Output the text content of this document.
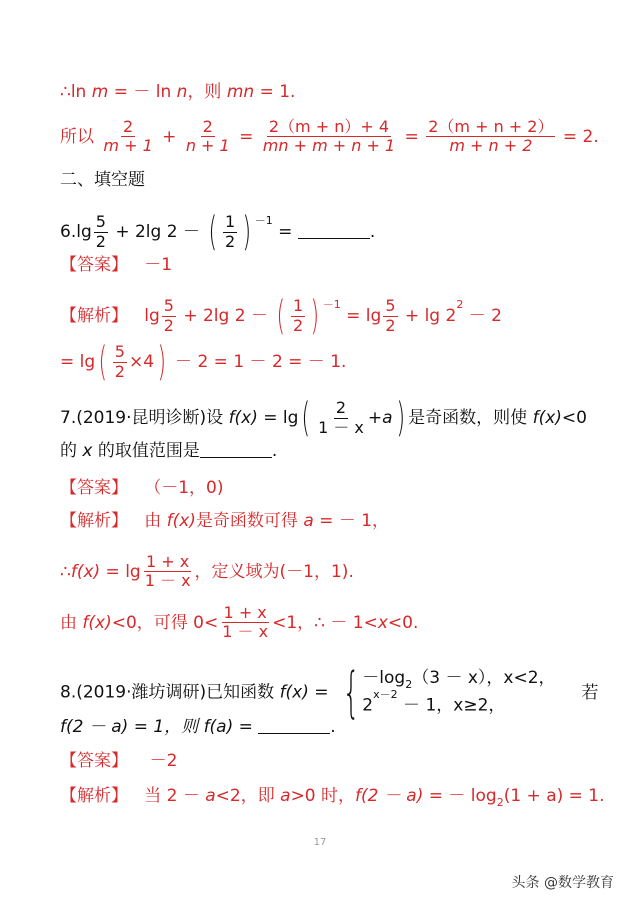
∴ln m = － ln n，则 mn = 1.
所以 $\frac{2}{m + 1} + \frac{2}{n + 1} = \frac{2(m + n)+ 4}{mn + m + n + 1} = \frac{2(m + n + 2)}{m + n + 2} = 2$.
二、填空题
$6.\lg \frac{5}{2} + 2\lg$ 2 － ( 1
2 ) $^{-1}$ =	.
【答案】 －1
【解析】 $\lg \frac{5}{2} + 2\lg$ 2 － ( 1
2 ) $^{-1} = \lg \frac{5}{2} + \lg 2^2 - 2$
= lg ( $\frac{5}{2} \times 4$ ) － 2 = 1 － 2 = － 1.
7.(2019·昆明诊断)设 f(x) = lg ( 2
1 － x + a ) 是奇函数，则使 f(x)<0
的 x 的取值范围是	.
【答案】 （－1，0)
【解析】 由 f(x)是奇函数可得 a = － 1，
∴f(x) = $\lg \frac{1 + x}{1 - x}$ ，定义域为(－1，1).
由 f(x)<0，可得 $0< \frac{1 + x}{1 - x} <1$，∴ － 1<x<0.
8.(2019·潍坊调研)已知函数 f(x) = { $-\log_2(3 - x)$，x<2，
$2^{x-2} - 1$，x≥2，
若
f(2 － a) = 1，则 f(a) =	.
【答案】 －2
【解析】 当 2 － a<2，即 a>0 时，f(2 － a) = － $\log_2(1 + a) = 1$.
17
头条 @数学教育
